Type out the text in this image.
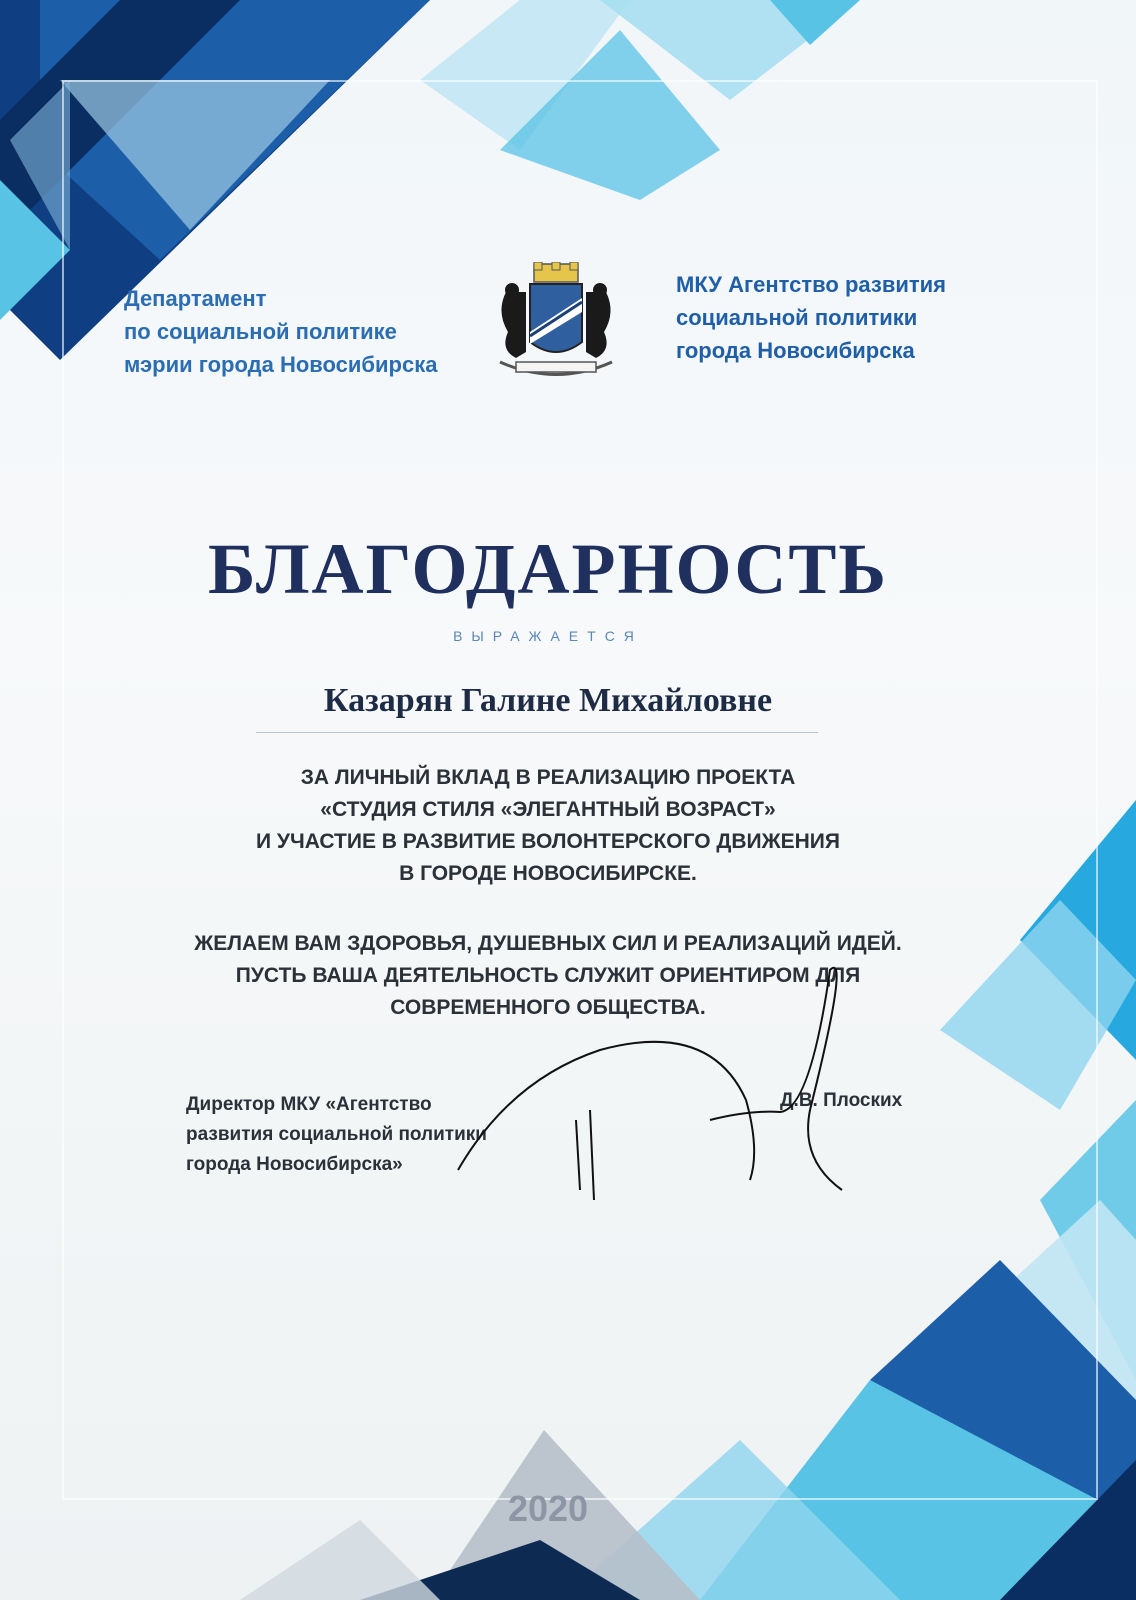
Департамент
по социальной политике
мэрии города Новосибирска
МКУ Агентство развития
социальной политики
города Новосибирска
БЛАГОДАРНОСТЬ
ВЫРАЖАЕТСЯ
Казарян Галине Михайловне
ЗА ЛИЧНЫЙ ВКЛАД В РЕАЛИЗАЦИЮ ПРОЕКТА
«СТУДИЯ СТИЛЯ «ЭЛЕГАНТНЫЙ ВОЗРАСТ»
И УЧАСТИЕ В РАЗВИТИЕ ВОЛОНТЕРСКОГО ДВИЖЕНИЯ
В ГОРОДЕ НОВОСИБИРСКЕ.
ЖЕЛАЕМ ВАМ ЗДОРОВЬЯ, ДУШЕВНЫХ СИЛ И РЕАЛИЗАЦИЙ ИДЕЙ.
ПУСТЬ ВАША ДЕЯТЕЛЬНОСТЬ СЛУЖИТ ОРИЕНТИРОМ ДЛЯ
СОВРЕМЕННОГО ОБЩЕСТВА.
Директор МКУ «Агентство
развития социальной политики
города Новосибирска»
Д.В. Плоских
2020
